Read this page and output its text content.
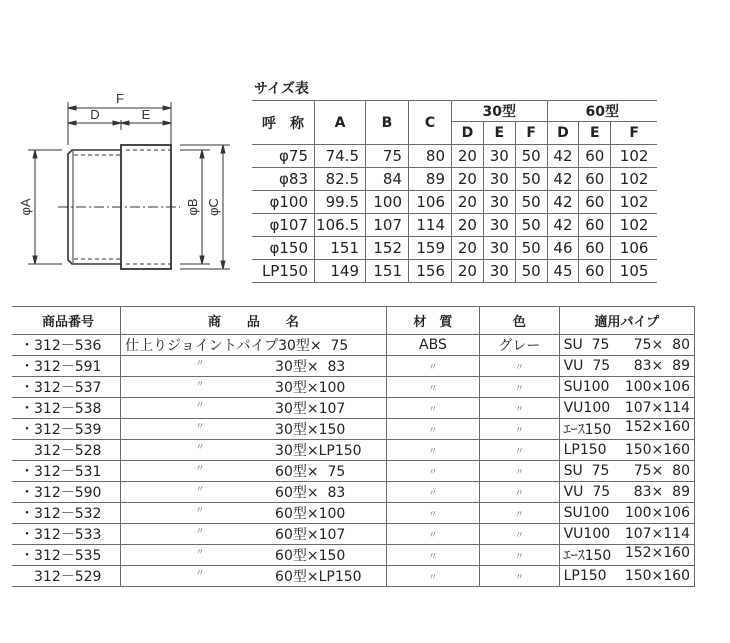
F
D	E
φA	φB φC
サイズ表
呼　称	A	B	C	30型			60型		
				D	E	F	D	E	F
φ75	74.5	75	80	20	30	50	42	60	102
φ83	82.5	84	89	20	30	50	42	60	102
φ100	99.5	100	106	20	30	50	42	60	102
φ107	106.5	107	114	20	30	50	42	60	102
φ150	151	152	159	20	30	50	46	60	106
LP150	149	151	156	20	30	50	45	60	105
商品番号	商　　品　　名	材　質	色	適用パイプ
・312－536	仕上りジョイントパイプ 30型×  75	ABS	グレー	SU  75 75×  80

・312－591	〃 30型×  83	〃	〃	VU  75 83×  89

・312－537	〃 30型×100	〃	〃	SU100 100×106

・312－538	〃 30型×107	〃	〃	VU100 107×114

・312－539	〃 30型×150	〃	〃	ｴｰｽ150 152×160

　312－528	〃 30型×LP150	〃	〃	LP150 150×160

・312－531	〃 60型×  75	〃	〃	SU  75 75×  80

・312－590	〃 60型×  83	〃	〃	VU  75 83×  89

・312－532	〃 60型×100	〃	〃	SU100 100×106

・312－533	〃 60型×107	〃	〃	VU100 107×114

・312－535	〃 60型×150	〃	〃	ｴｰｽ150 152×160

　312－529	〃 60型×LP150	〃	〃	LP150 150×160
